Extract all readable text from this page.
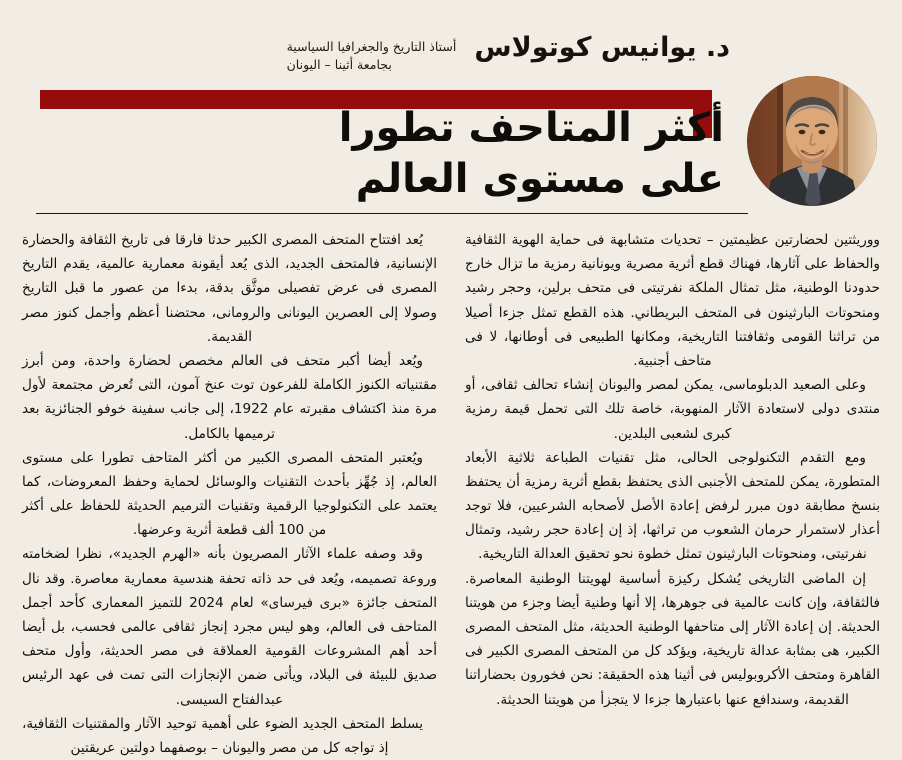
د. يوانيس كوتولاس
أستاذ التاريخ والجغرافيا السياسية
بجامعة أثينا – اليونان
أكثر المتاحف تطورا
على مستوى العالم

ووريثتين لحضارتين عظيمتين – تحديات متشابهة فى حماية الهوية الثقافية والحفاظ على آثارها، فهناك قطع أثرية مصرية ويونانية رمزية ما تزال خارج حدودنا الوطنية، مثل تمثال الملكة نفرتيتى فى متحف برلين، وحجر رشيد ومنحوتات البارثينون فى المتحف البريطاني. هذه القطع تمثل جزءا أصيلا من تراثنا القومى وثقافتنا التاريخية، ومكانها الطبيعى فى أوطانها، لا فى متاحف أجنبية.

وعلى الصعيد الدبلوماسى، يمكن لمصر واليونان إنشاء تحالف ثقافى، أو منتدى دولى لاستعادة الآثار المنهوبة، خاصة تلك التى تحمل قيمة رمزية كبرى لشعبى البلدين.

ومع التقدم التكنولوجى الحالى، مثل تقنيات الطباعة ثلاثية الأبعاد المتطورة، يمكن للمتحف الأجنبى الذى يحتفظ بقطع أثرية رمزية أن يحتفظ بنسخ مطابقة دون مبرر لرفض إعادة الأصل لأصحابه الشرعيين، فلا توجد أعذار لاستمرار حرمان الشعوب من تراثها، إذ إن إعادة حجر رشيد، وتمثال نفرتيتى، ومنحوتات البارثينون تمثل خطوة نحو تحقيق العدالة التاريخية.

إن الماضى التاريخى يُشكل ركيزة أساسية لهويتنا الوطنية المعاصرة. فالثقافة، وإن كانت عالمية فى جوهرها، إلا أنها وطنية أيضا وجزء من هويتنا الحديثة. إن إعادة الآثار إلى متاحفها الوطنية الحديثة، مثل المتحف المصرى الكبير، هى بمثابة عدالة تاريخية، ويؤكد كل من المتحف المصرى الكبير فى القاهرة ومتحف الأكروبوليس فى أثينا هذه الحقيقة: نحن فخورون بحضاراتنا القديمة، وسندافع عنها باعتبارها جزءا لا يتجزأ من هويتنا الحديثة.

يُعد افتتاح المتحف المصرى الكبير حدثا فارقا فى تاريخ الثقافة والحضارة الإنسانية، فالمتحف الجديد، الذى يُعد أيقونة معمارية عالمية، يقدم التاريخ المصرى فى عرض تفصيلى موثَّق بدقة، بدءا من عصور ما قبل التاريخ وصولا إلى العصرين اليونانى والرومانى، محتضنا أعظم وأجمل كنوز مصر القديمة.

ويُعد أيضا أكبر متحف فى العالم مخصص لحضارة واحدة، ومن أبرز مقتنياته الكنوز الكاملة للفرعون توت عنخ آمون، التى تُعرض مجتمعة لأول مرة منذ اكتشاف مقبرته عام 1922، إلى جانب سفينة خوفو الجنائزية بعد ترميمها بالكامل.

ويُعتبر المتحف المصرى الكبير من أكثر المتاحف تطورا على مستوى العالم، إذ جُهِّز بأحدث التقنيات والوسائل لحماية وحفظ المعروضات، كما يعتمد على التكنولوجيا الرقمية وتقنيات الترميم الحديثة للحفاظ على أكثر من 100 ألف قطعة أثرية وعرضها.

وقد وصفه علماء الآثار المصريون بأنه «الهرم الجديد»، نظرا لضخامته وروعة تصميمه، ويُعد فى حد ذاته تحفة هندسية معمارية معاصرة. وقد نال المتحف جائزة «برى فيرساى» لعام 2024 للتميز المعمارى كأحد أجمل المتاحف فى العالم، وهو ليس مجرد إنجاز ثقافى عالمى فحسب، بل أيضا أحد أهم المشروعات القومية العملاقة فى مصر الحديثة، وأول متحف صديق للبيئة فى البلاد، ويأتى ضمن الإنجازات التى تمت فى عهد الرئيس عبدالفتاح السيسى.

يسلط المتحف الجديد الضوء على أهمية توحيد الآثار والمقتنيات الثقافية، إذ تواجه كل من مصر واليونان – بوصفهما دولتين عريقتين
